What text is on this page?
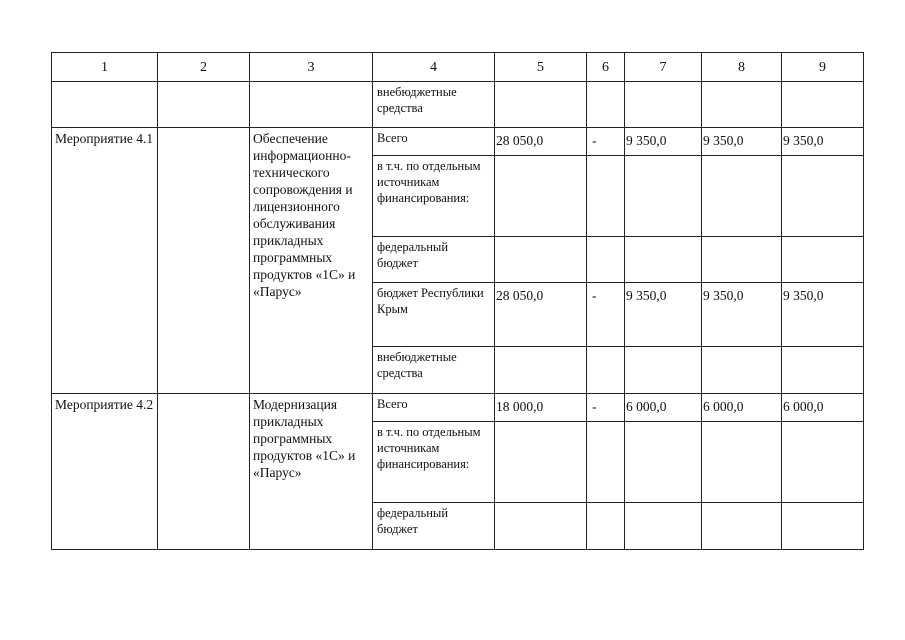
1	2	3	4	5	6	7	8	9
			внебюджетные средства					
Мероприятие 4.1		Обеспечение информационно-технического сопровождения и лицензионного обслуживания прикладных программных продуктов «1С» и «Парус»	Всего	28 050,0	-	9 350,0	9 350,0	9 350,0
			в т.ч. по отдельным источникам финансирования:					
			федеральный бюджет					
			бюджет Республики Крым	28 050,0	-	9 350,0	9 350,0	9 350,0
			внебюджетные средства					
Мероприятие 4.2		Модернизация прикладных программных продуктов «1С» и «Парус»	Всего	18 000,0	-	6 000,0	6 000,0	6 000,0
			в т.ч. по отдельным источникам финансирования:					
			федеральный бюджет					
